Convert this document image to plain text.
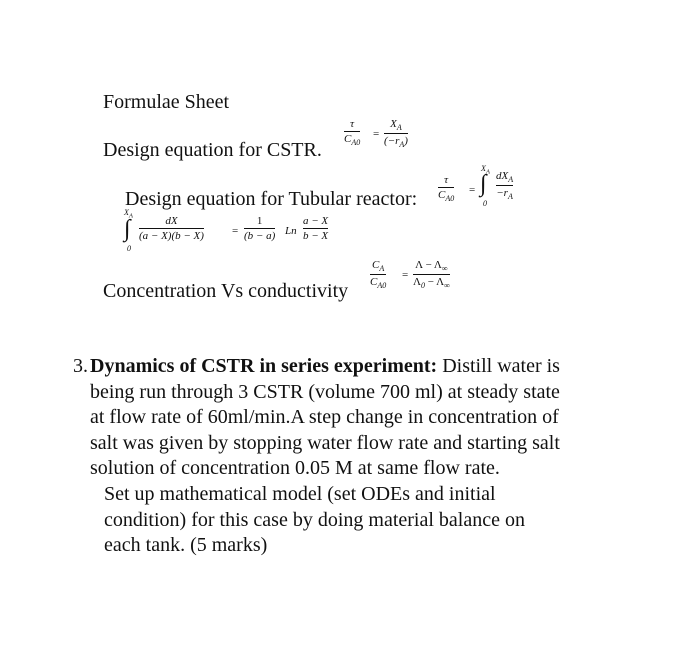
Formulae Sheet
Design equation for CSTR.
τ
$C_{A0}$
=
$X_A$
$(-r_A)$
Design equation for Tubular reactor:
τ
$C_{A0}$
=
$X_A$
∫
0
$dX_A$
$-r_A$
$X_A$
∫
0
dX
(a − X)(b − X)	=
1
(b − a) Ln
a − X
b − X
Concentration Vs conductivity
$C_A$
$C_{A0}$
=
$\Lambda - \Lambda_\infty$
$\Lambda_0 - \Lambda_\infty$
3. Dynamics of CSTR in series experiment: Distill water is
being run through 3 CSTR (volume 700 ml) at steady state
at flow rate of 60ml/min.A step change in concentration of
salt was given by stopping water flow rate and starting salt
solution of concentration 0.05 M at same flow rate.
Set up mathematical model (set ODEs and initial
condition) for this case by doing material balance on
each tank. (5 marks)
